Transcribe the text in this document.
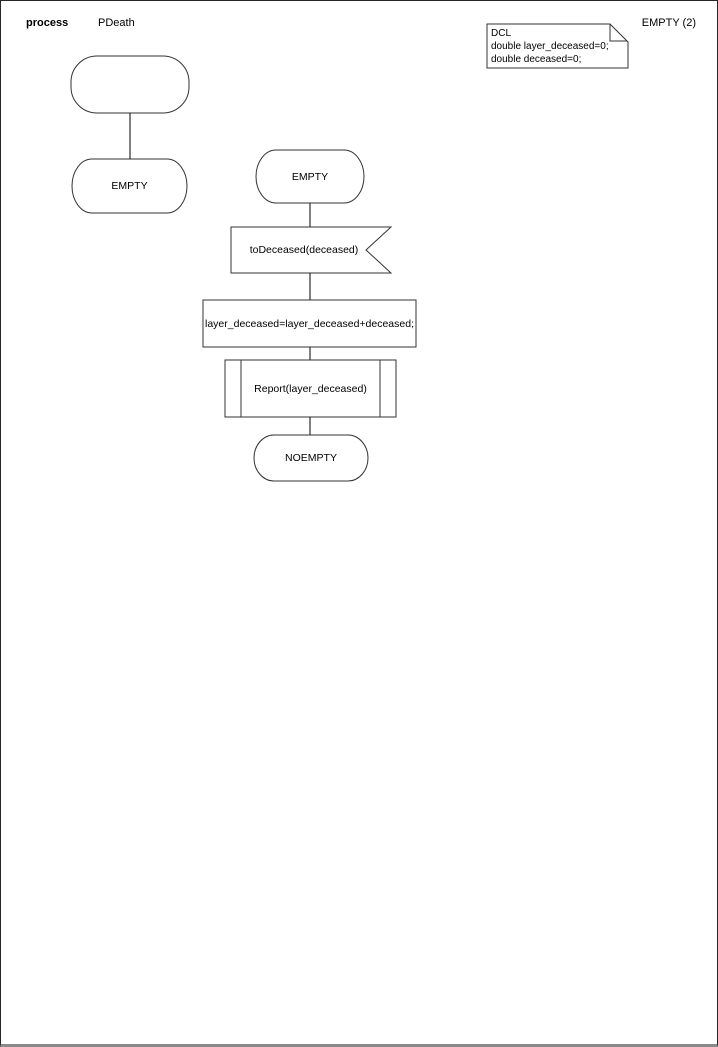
process	PDeath	EMPTY (2)
DCL
double layer_deceased=0;
double deceased=0;
EMPTY
EMPTY
toDeceased(deceased)
layer_deceased=layer_deceased+deceased;
Report(layer_deceased)
NOEMPTY
